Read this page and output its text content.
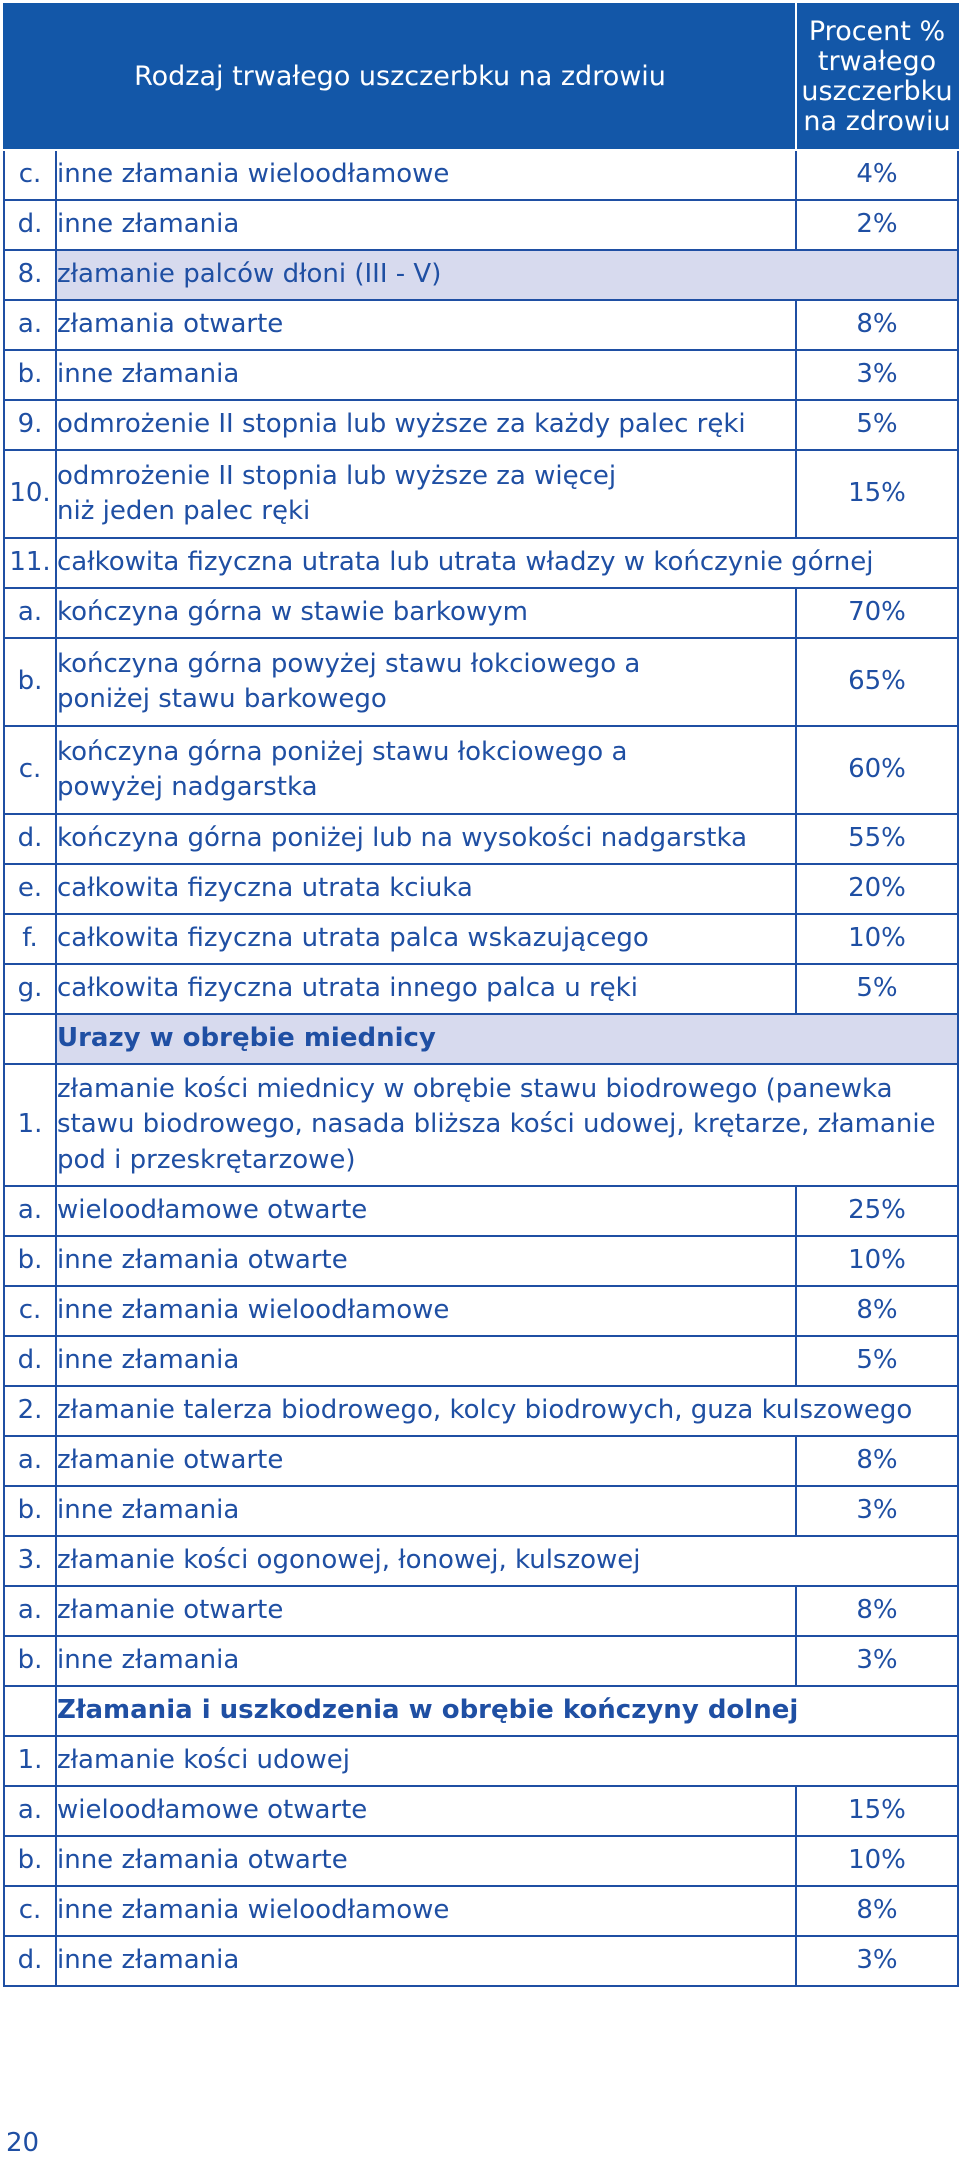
Rodzaj trwałego uszczerbku na zdrowiu		Procent % trwałego uszczerbku na zdrowiu
c.	inne złamania wieloodłamowe	4%
d.	inne złamania	2%
8.	złamanie palców dłoni (III - V)	
a.	złamania otwarte	8%
b.	inne złamania	3%
9.	odmrożenie II stopnia lub wyższe za każdy palec ręki	5%
10.	odmrożenie II stopnia lub wyższe za więcej niż jeden palec ręki	15%
11.	całkowita fizyczna utrata lub utrata władzy w kończynie górnej	
a.	kończyna górna w stawie barkowym	70%
b.	kończyna górna powyżej stawu łokciowego a poniżej stawu barkowego	65%
c.	kończyna górna poniżej stawu łokciowego a powyżej nadgarstka	60%
d.	kończyna górna poniżej lub na wysokości nadgarstka	55%
e.	całkowita fizyczna utrata kciuka	20%
f.	całkowita fizyczna utrata palca wskazującego	10%
g.	całkowita fizyczna utrata innego palca u ręki	5%
	Urazy w obrębie miednicy	
1.	złamanie kości miednicy w obrębie stawu biodrowego (panewka stawu biodrowego, nasada bliższa kości udowej, krętarze, złamanie pod i przeskrętarzowe)	
a.	wieloodłamowe otwarte	25%
b.	inne złamania otwarte	10%
c.	inne złamania wieloodłamowe	8%
d.	inne złamania	5%
2.	złamanie talerza biodrowego, kolcy biodrowych, guza kulszowego	
a.	złamanie otwarte	8%
b.	inne złamania	3%
3.	złamanie kości ogonowej, łonowej, kulszowej	
a.	złamanie otwarte	8%
b.	inne złamania	3%
	Złamania i uszkodzenia w obrębie kończyny dolnej	
1.	złamanie kości udowej	
a.	wieloodłamowe otwarte	15%
b.	inne złamania otwarte	10%
c.	inne złamania wieloodłamowe	8%
d.	inne złamania	3%
20
